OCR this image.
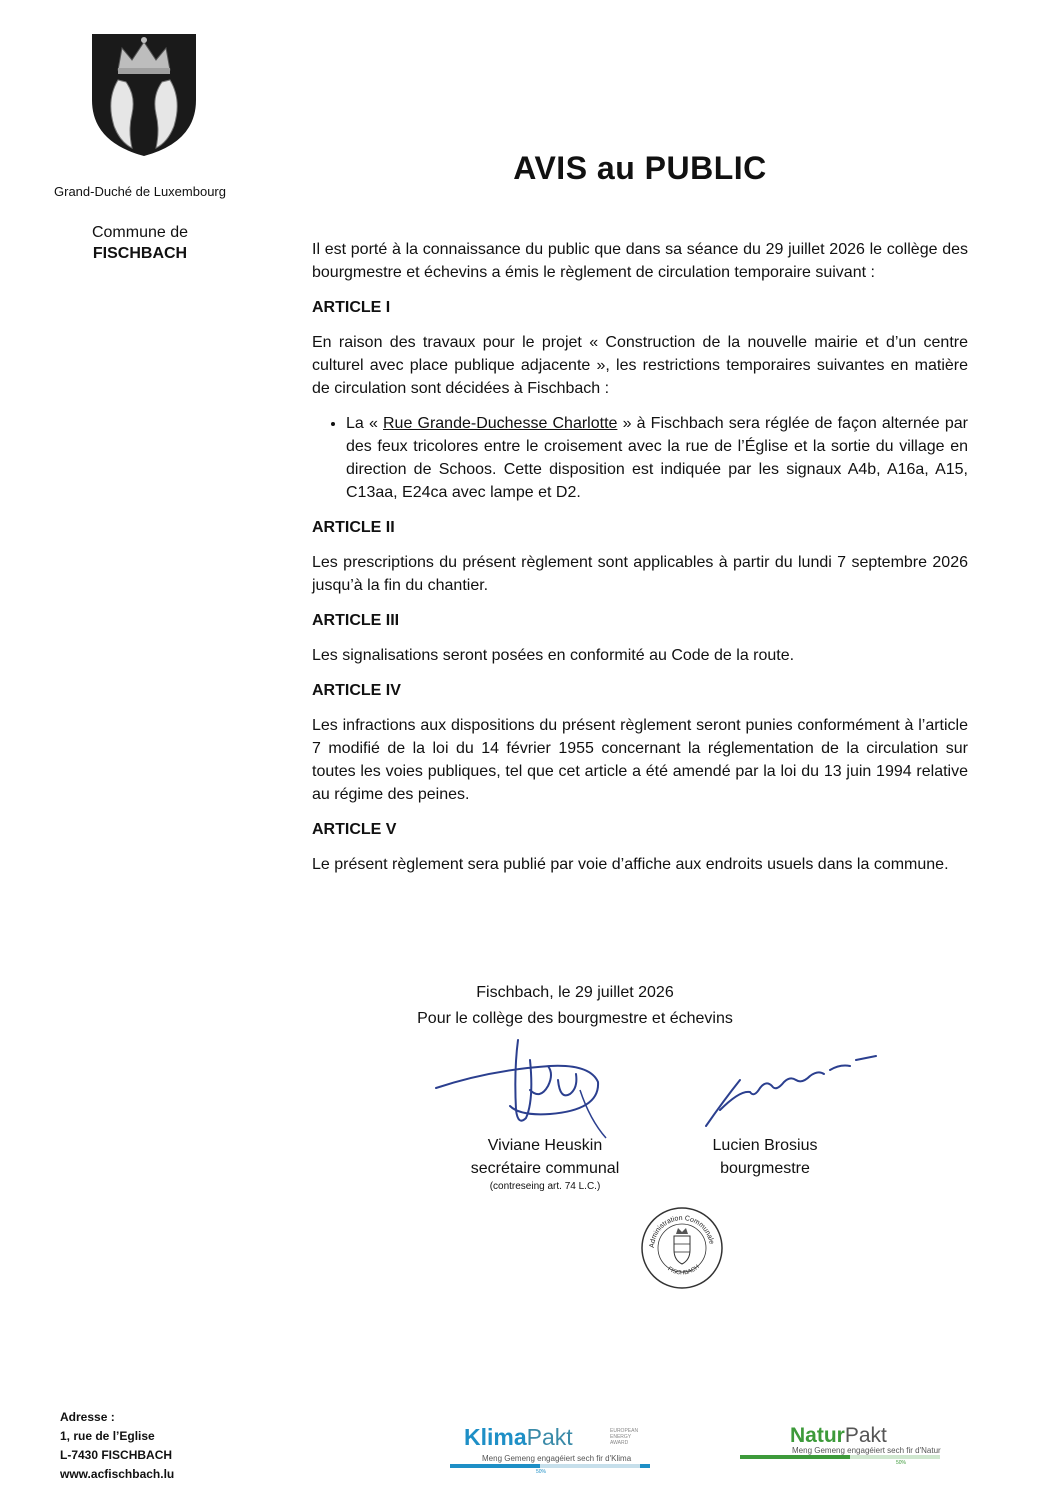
Grand-Duché de Luxembourg
Commune de
FISCHBACH
AVIS au PUBLIC

Il est porté à la connaissance du public que dans sa séance du 29 juillet 2026 le collège des bourgmestre et échevins a émis le règlement de circulation temporaire suivant :

ARTICLE I

En raison des travaux pour le projet « Construction de la nouvelle mairie et d’un centre culturel avec place publique adjacente », les restrictions temporaires suivantes en matière de circulation sont décidées à Fischbach :

• La « Rue Grande-Duchesse Charlotte » à Fischbach sera réglée de façon alternée par des feux tricolores entre le croisement avec la rue de l’Église et la sortie du village en direction de Schoos. Cette disposition est indiquée par les signaux A4b, A16a, A15, C13aa, E24ca avec lampe et D2.

ARTICLE II

Les prescriptions du présent règlement sont applicables à partir du lundi 7 septembre 2026 jusqu’à la fin du chantier.

ARTICLE III

Les signalisations seront posées en conformité au Code de la route.

ARTICLE IV

Les infractions aux dispositions du présent règlement seront punies conformément à l’article 7 modifié de la loi du 14 février 1955 concernant la réglementation de la circulation sur toutes les voies publiques, tel que cet article a été amendé par la loi du 13 juin 1994 relative au régime des peines.

ARTICLE V

Le présent règlement sera publié par voie d’affiche aux endroits usuels dans la commune.

Fischbach, le 29 juillet 2026
Pour le collège des bourgmestre et échevins
Viviane Heuskin
secrétaire communal
(contreseing art. 74 L.C.)
Lucien Brosius
bourgmestre
Administration Communale
FISCHBACH
Adresse :
1, rue de l’Eglise
L-7430 FISCHBACH
www.acfischbach.lu
KlimaPakt	EUROPEAN ENERGY AWARD
Meng Gemeng engagéiert sech fir d'Klima
50%
NaturPakt
Meng Gemeng engagéiert sech fir d'Natur
50%
